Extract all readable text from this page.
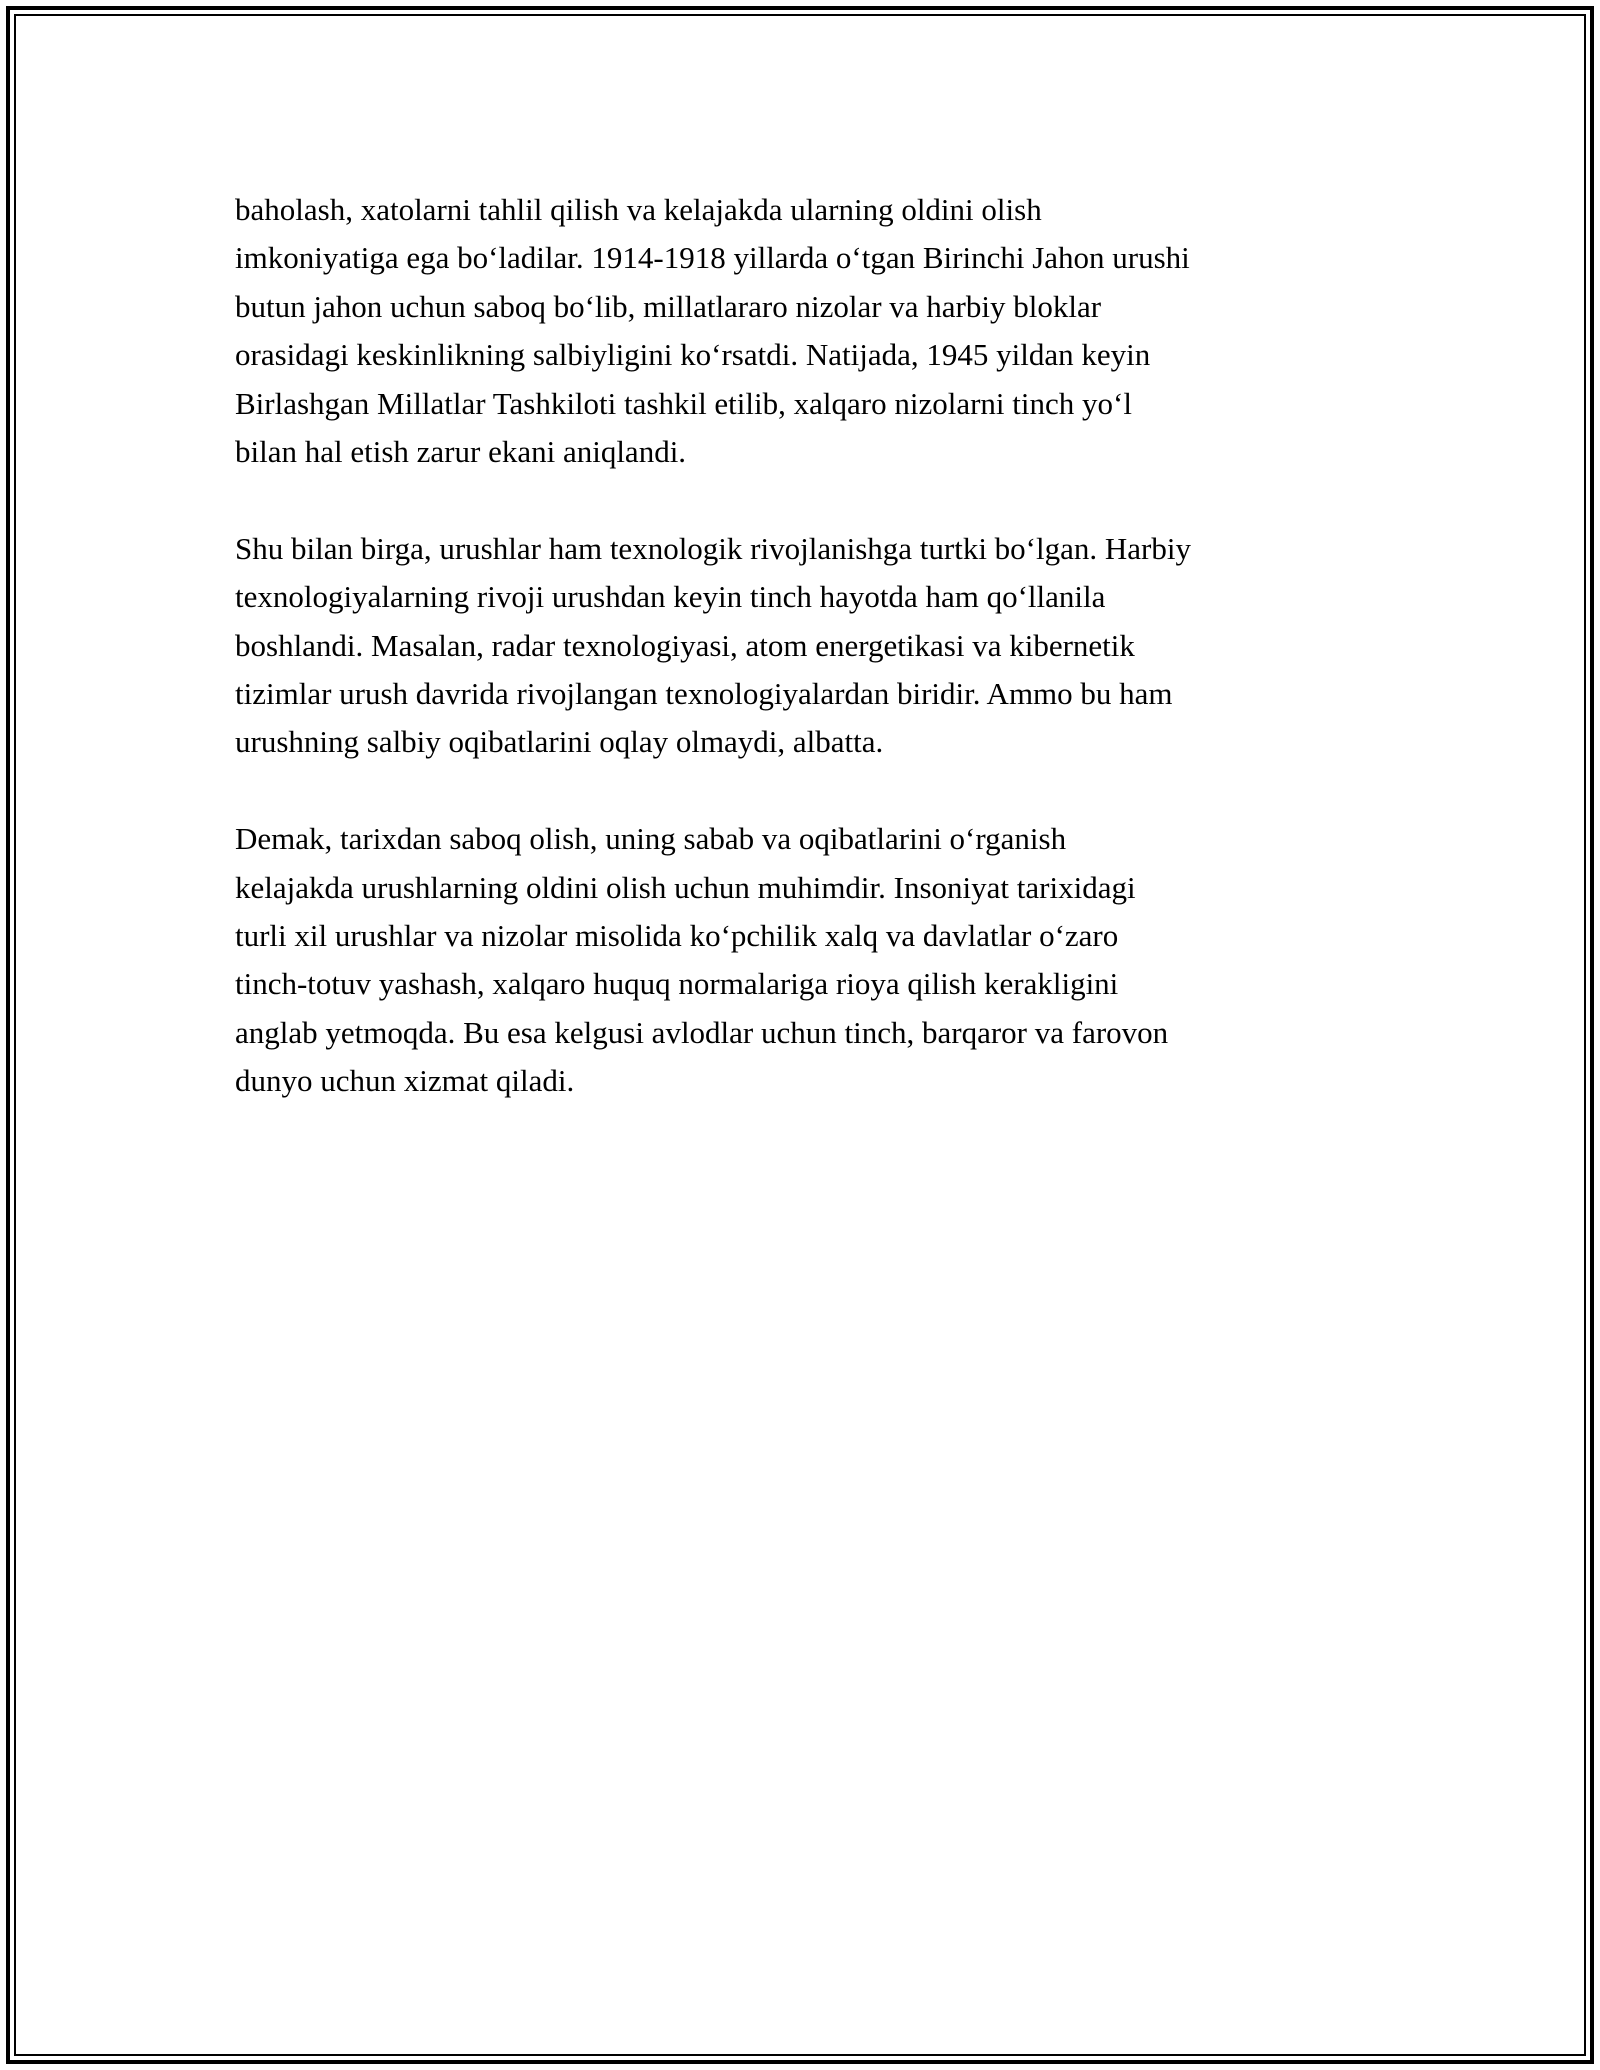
baholash, xatolarni tahlil qilish va kelajakda ularning oldini olish
imkoniyatiga ega bo‘ladilar. 1914-1918 yillarda o‘tgan Birinchi Jahon urushi
butun jahon uchun saboq bo‘lib, millatlararo nizolar va harbiy bloklar
orasidagi keskinlikning salbiyligini ko‘rsatdi. Natijada, 1945 yildan keyin
Birlashgan Millatlar Tashkiloti tashkil etilib, xalqaro nizolarni tinch yo‘l
bilan hal etish zarur ekani aniqlandi.

Shu bilan birga, urushlar ham texnologik rivojlanishga turtki bo‘lgan. Harbiy
texnologiyalarning rivoji urushdan keyin tinch hayotda ham qo‘llanila
boshlandi. Masalan, radar texnologiyasi, atom energetikasi va kibernetik
tizimlar urush davrida rivojlangan texnologiyalardan biridir. Ammo bu ham
urushning salbiy oqibatlarini oqlay olmaydi, albatta.

Demak, tarixdan saboq olish, uning sabab va oqibatlarini o‘rganish
kelajakda urushlarning oldini olish uchun muhimdir. Insoniyat tarixidagi
turli xil urushlar va nizolar misolida ko‘pchilik xalq va davlatlar o‘zaro
tinch-totuv yashash, xalqaro huquq normalariga rioya qilish kerakligini
anglab yetmoqda. Bu esa kelgusi avlodlar uchun tinch, barqaror va farovon
dunyo uchun xizmat qiladi.
